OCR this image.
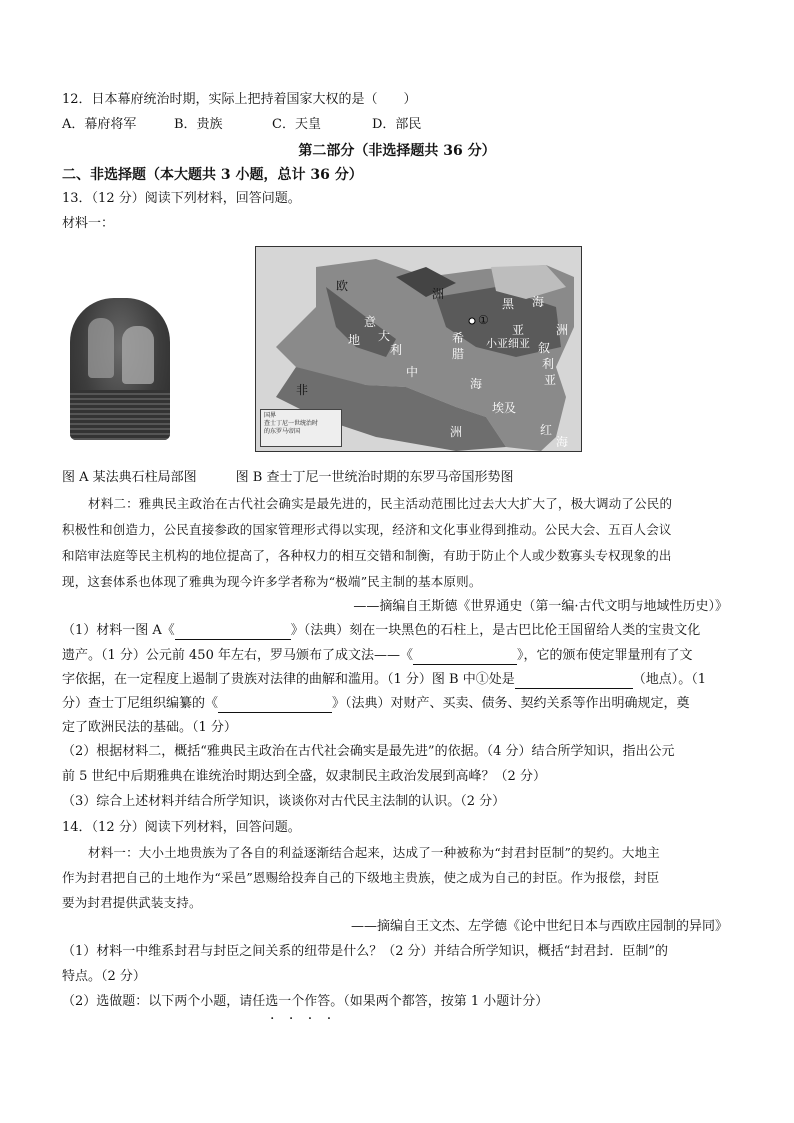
12．日本幕府统治时期，实际上把持着国家大权的是（　　）
A．幕府将军	B．贵族	C．天皇	D．部民
第二部分（非选择题共 36 分）
二、非选择题（本大题共 3 小题，总计 36 分）
13．（12 分）阅读下列材料，回答问题。
材料一：
欧
洲
黑 海
意
大
利
①
亚	洲
小亚细亚
希
腊
地
中
海
非
洲
叙
利
亚
埃及
红
海
国界
查士丁尼一世统治时
的东罗马帝国
图 A 某法典石柱局部图　　　图 B 查士丁尼一世统治时期的东罗马帝国形势图
材料二：雅典民主政治在古代社会确实是最先进的，民主活动范围比过去大大扩大了，极大调动了公民的
积极性和创造力，公民直接参政的国家管理形式得以实现，经济和文化事业得到推动。公民大会、五百人会议
和陪审法庭等民主机构的地位提高了，各种权力的相互交错和制衡，有助于防止个人或少数寡头专权现象的出
现，这套体系也体现了雅典为现今许多学者称为“极端”民主制的基本原则。
——摘编自王斯德《世界通史（第一编·古代文明与地域性历史）》
（1）材料一图 A《	》（法典）刻在一块黑色的石柱上，是古巴比伦王国留给人类的宝贵文化
遗产。（1 分）公元前 450 年左右，罗马颁布了成文法——《	》，它的颁布使定罪量刑有了文
字依据，在一定程度上遏制了贵族对法律的曲解和滥用。（1 分）图 B 中①处是	（地点）。（1
分）查士丁尼组织编纂的《	》（法典）对财产、买卖、债务、契约关系等作出明确规定，奠
定了欧洲民法的基础。（1 分）
（2）根据材料二，概括“雅典民主政治在古代社会确实是最先进”的依据。（4 分）结合所学知识，指出公元
前 5 世纪中后期雅典在谁统治时期达到全盛，奴隶制民主政治发展到高峰？（2 分）
（3）综合上述材料并结合所学知识，谈谈你对古代民主法制的认识。（2 分）
14．（12 分）阅读下列材料，回答问题。
材料一：大小土地贵族为了各自的利益逐渐结合起来，达成了一种被称为“封君封臣制”的契约。大地主
作为封君把自己的土地作为“采邑”恩赐给投奔自己的下级地主贵族，使之成为自己的封臣。作为报偿，封臣
要为封君提供武装支持。
——摘编自王文杰、左学德《论中世纪日本与西欧庄园制的异同》
（1）材料一中维系封君与封臣之间关系的纽带是什么？（2 分）并结合所学知识，概括“封君封．臣制”的
特点。（2 分）
（2）选做题：以下两个小题，请任选一个作答。（如果两个都答，按第 1 小题计分）
· · · ·
